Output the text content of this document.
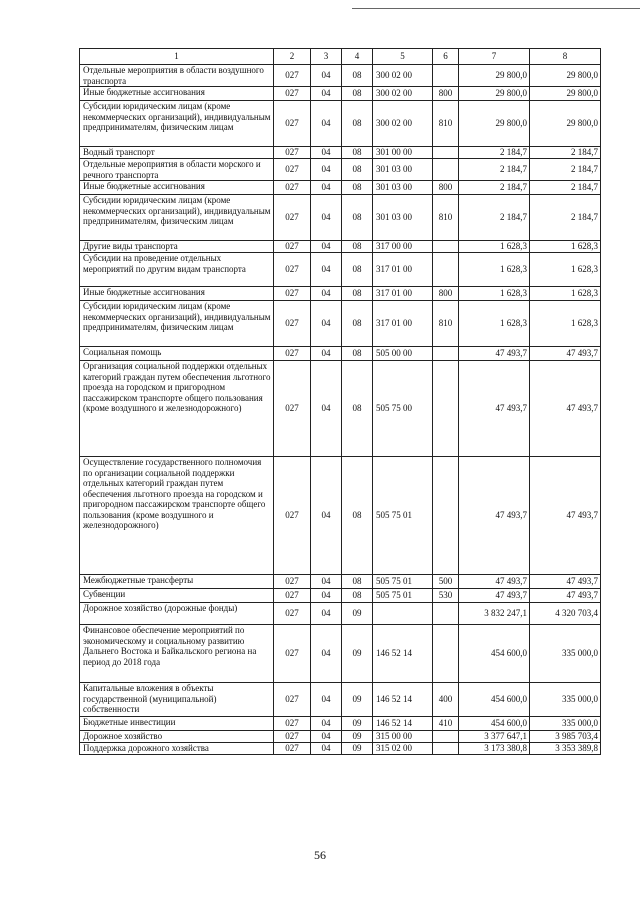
1	2	3	4	5	6	7	8
Отдельные мероприятия в области воздушного транспорта	027	04	08	300 02 00		29 800,0	29 800,0
Иные бюджетные ассигнования	027	04	08	300 02 00	800	29 800,0	29 800,0
Субсидии юридическим лицам (кроме некоммерческих организаций), индивидуальным предпринимателям, физическим лицам	027	04	08	300 02 00	810	29 800,0	29 800,0
Водный транспорт	027	04	08	301 00 00		2 184,7	2 184,7
Отдельные мероприятия в области морского и речного транспорта	027	04	08	301 03 00		2 184,7	2 184,7
Иные бюджетные ассигнования	027	04	08	301 03 00	800	2 184,7	2 184,7
Субсидии юридическим лицам (кроме некоммерческих организаций), индивидуальным предпринимателям, физическим лицам	027	04	08	301 03 00	810	2 184,7	2 184,7
Другие виды транспорта	027	04	08	317 00 00		1 628,3	1 628,3
Субсидии на проведение отдельных мероприятий по другим видам транспорта	027	04	08	317 01 00		1 628,3	1 628,3
Иные бюджетные ассигнования	027	04	08	317 01 00	800	1 628,3	1 628,3
Субсидии юридическим лицам (кроме некоммерческих организаций), индивидуальным предпринимателям, физическим лицам	027	04	08	317 01 00	810	1 628,3	1 628,3
Социальная помощь	027	04	08	505 00 00		47 493,7	47 493,7
Организация социальной поддержки отдельных категорий граждан путем обеспечения льготного проезда на городском и пригородном пассажирском транспорте общего пользования (кроме воздушного и железнодорожного)	027	04	08	505 75 00		47 493,7	47 493,7
Осуществление государственного полномочия по организации социальной поддержки отдельных категорий граждан путем обеспечения льготного проезда на городском и пригородном пассажирском транспорте общего пользования (кроме воздушного и железнодорожного)	027	04	08	505 75 01		47 493,7	47 493,7
Межбюджетные трансферты	027	04	08	505 75 01	500	47 493,7	47 493,7
Субвенции	027	04	08	505 75 01	530	47 493,7	47 493,7
Дорожное хозяйство (дорожные фонды)	027	04	09			3 832 247,1	4 320 703,4
Финансовое обеспечение мероприятий по экономическому и социальному развитию Дальнего Востока и Байкальского региона на период до 2018 года	027	04	09	146 52 14		454 600,0	335 000,0
Капитальные вложения в объекты государственной (муниципальной) собственности	027	04	09	146 52 14	400	454 600,0	335 000,0
Бюджетные инвестиции	027	04	09	146 52 14	410	454 600,0	335 000,0
Дорожное хозяйство	027	04	09	315 00 00		3 377 647,1	3 985 703,4
Поддержка дорожного хозяйства	027	04	09	315 02 00		3 173 380,8	3 353 389,8
56
